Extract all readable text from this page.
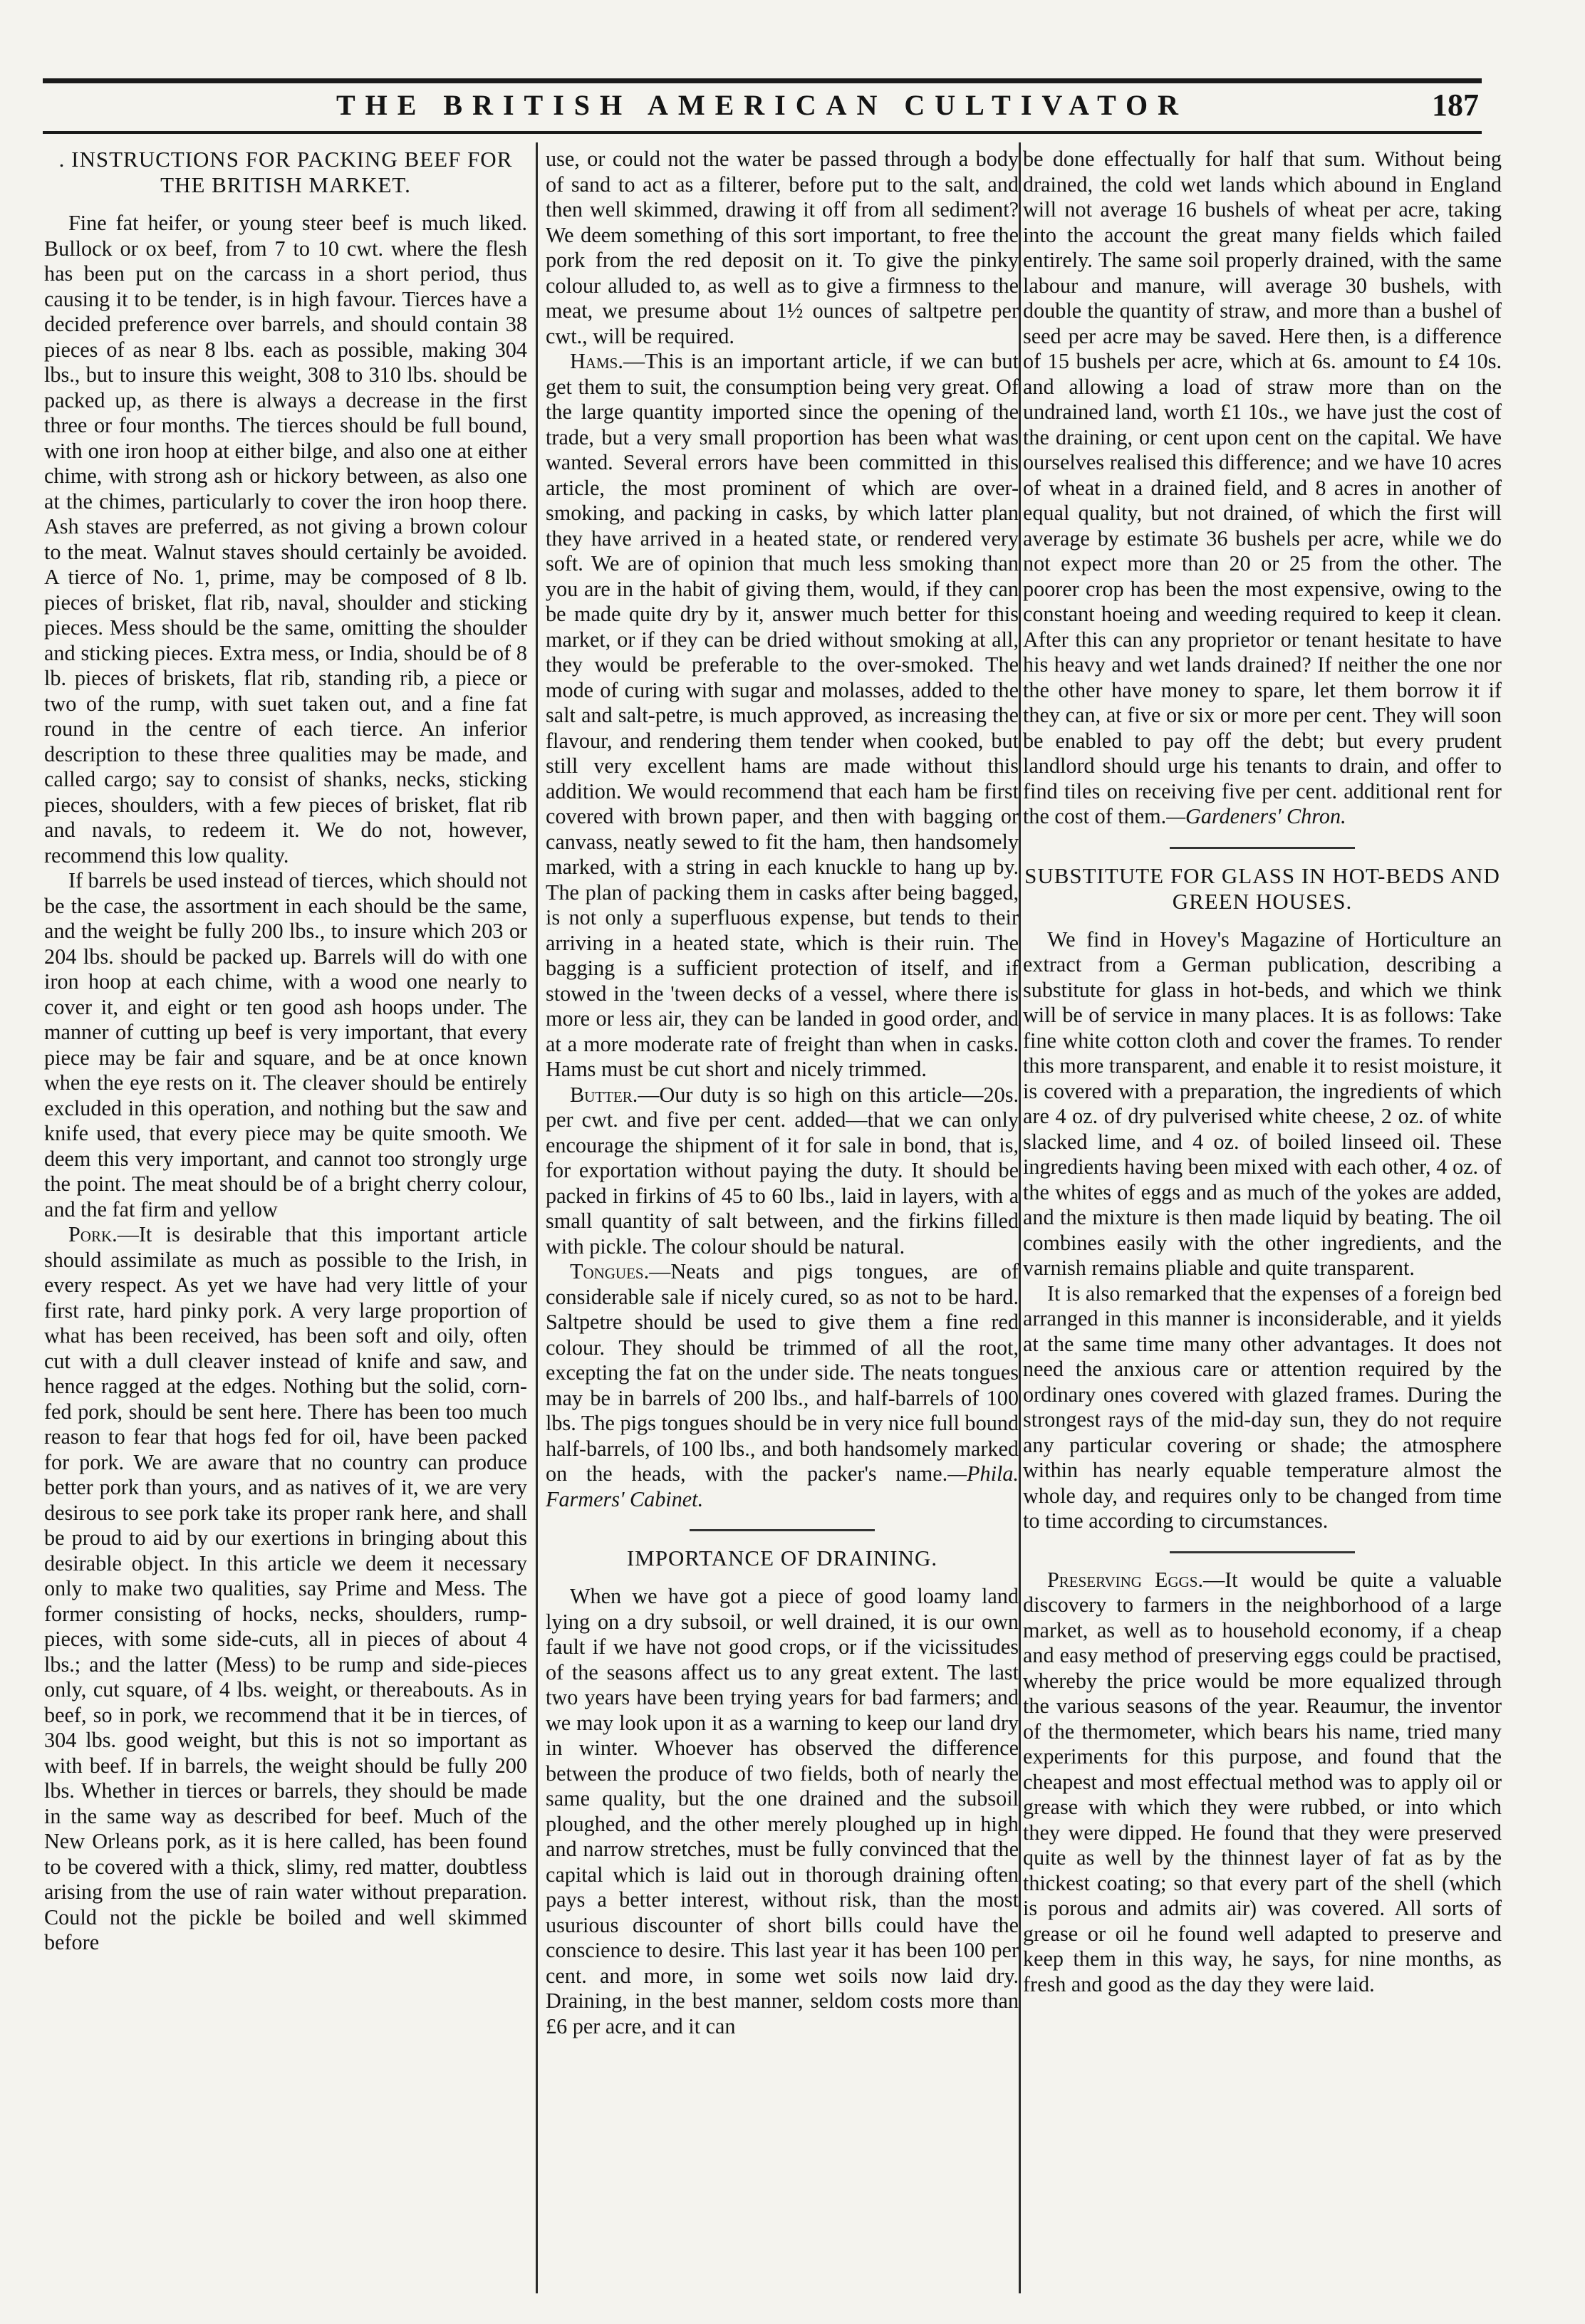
THE BRITISH AMERICAN CULTIVATOR	187
. INSTRUCTIONS FOR PACKING BEEF FOR THE BRITISH MARKET.

Fine fat heifer, or young steer beef is much liked. Bullock or ox beef, from 7 to 10 cwt. where the flesh has been put on the carcass in a short period, thus causing it to be tender, is in high favour. Tierces have a decided preference over barrels, and should contain 38 pieces of as near 8 lbs. each as possible, making 304 lbs., but to insure this weight, 308 to 310 lbs. should be packed up, as there is always a decrease in the first three or four months. The tierces should be full bound, with one iron hoop at either bilge, and also one at either chime, with strong ash or hickory between, as also one at the chimes, particularly to cover the iron hoop there. Ash staves are preferred, as not giving a brown colour to the meat. Walnut staves should certainly be avoided. A tierce of No. 1, prime, may be composed of 8 lb. pieces of brisket, flat rib, naval, shoulder and sticking pieces. Mess should be the same, omitting the shoulder and sticking pieces. Extra mess, or India, should be of 8 lb. pieces of briskets, flat rib, standing rib, a piece or two of the rump, with suet taken out, and a fine fat round in the centre of each tierce. An inferior description to these three qualities may be made, and called cargo; say to consist of shanks, necks, sticking pieces, shoulders, with a few pieces of brisket, flat rib and navals, to redeem it. We do not, however, recommend this low quality.

If barrels be used instead of tierces, which should not be the case, the assortment in each should be the same, and the weight be fully 200 lbs., to insure which 203 or 204 lbs. should be packed up. Barrels will do with one iron hoop at each chime, with a wood one nearly to cover it, and eight or ten good ash hoops under. The manner of cutting up beef is very important, that every piece may be fair and square, and be at once known when the eye rests on it. The cleaver should be entirely excluded in this operation, and nothing but the saw and knife used, that every piece may be quite smooth. We deem this very important, and cannot too strongly urge the point. The meat should be of a bright cherry colour, and the fat firm and yellow

Pork.—It is desirable that this important article should assimilate as much as possible to the Irish, in every respect. As yet we have had very little of your first rate, hard pinky pork. A very large proportion of what has been received, has been soft and oily, often cut with a dull cleaver instead of knife and saw, and hence ragged at the edges. Nothing but the solid, corn-fed pork, should be sent here. There has been too much reason to fear that hogs fed for oil, have been packed for pork. We are aware that no country can produce better pork than yours, and as natives of it, we are very desirous to see pork take its proper rank here, and shall be proud to aid by our exertions in bringing about this desirable object. In this article we deem it necessary only to make two qualities, say Prime and Mess. The former consisting of hocks, necks, shoulders, rump-pieces, with some side-cuts, all in pieces of about 4 lbs.; and the latter (Mess) to be rump and side-pieces only, cut square, of 4 lbs. weight, or thereabouts. As in beef, so in pork, we recommend that it be in tierces, of 304 lbs. good weight, but this is not so important as with beef. If in barrels, the weight should be fully 200 lbs. Whether in tierces or barrels, they should be made in the same way as described for beef. Much of the New Orleans pork, as it is here called, has been found to be covered with a thick, slimy, red matter, doubtless arising from the use of rain water without preparation. Could not the pickle be boiled and well skimmed before

use, or could not the water be passed through a body of sand to act as a filterer, before put to the salt, and then well skimmed, drawing it off from all sediment? We deem something of this sort important, to free the pork from the red deposit on it. To give the pinky colour alluded to, as well as to give a firmness to the meat, we presume about 1½ ounces of saltpetre per cwt., will be required.

Hams.—This is an important article, if we can but get them to suit, the consumption being very great. Of the large quantity imported since the opening of the trade, but a very small proportion has been what was wanted. Several errors have been committed in this article, the most prominent of which are over-smoking, and packing in casks, by which latter plan they have arrived in a heated state, or rendered very soft. We are of opinion that much less smoking than you are in the habit of giving them, would, if they can be made quite dry by it, answer much better for this market, or if they can be dried without smoking at all, they would be preferable to the over-smoked. The mode of curing with sugar and molasses, added to the salt and salt-petre, is much approved, as increasing the flavour, and rendering them tender when cooked, but still very excellent hams are made without this addition. We would recommend that each ham be first covered with brown paper, and then with bagging or canvass, neatly sewed to fit the ham, then handsomely marked, with a string in each knuckle to hang up by. The plan of packing them in casks after being bagged, is not only a superfluous expense, but tends to their arriving in a heated state, which is their ruin. The bagging is a sufficient protection of itself, and if stowed in the 'tween decks of a vessel, where there is more or less air, they can be landed in good order, and at a more moderate rate of freight than when in casks. Hams must be cut short and nicely trimmed.

Butter.—Our duty is so high on this article—20s. per cwt. and five per cent. added—that we can only encourage the shipment of it for sale in bond, that is, for exportation without paying the duty. It should be packed in firkins of 45 to 60 lbs., laid in layers, with a small quantity of salt between, and the firkins filled with pickle. The colour should be natural.

Tongues.—Neats and pigs tongues, are of considerable sale if nicely cured, so as not to be hard. Saltpetre should be used to give them a fine red colour. They should be trimmed of all the root, excepting the fat on the under side. The neats tongues may be in barrels of 200 lbs., and half-barrels of 100 lbs. The pigs tongues should be in very nice full bound half-barrels, of 100 lbs., and both handsomely marked on the heads, with the packer's name.—Phila. Farmers' Cabinet.

IMPORTANCE OF DRAINING.

When we have got a piece of good loamy land lying on a dry subsoil, or well drained, it is our own fault if we have not good crops, or if the vicissitudes of the seasons affect us to any great extent. The last two years have been trying years for bad farmers; and we may look upon it as a warning to keep our land dry in winter. Whoever has observed the difference between the produce of two fields, both of nearly the same quality, but the one drained and the subsoil ploughed, and the other merely ploughed up in high and narrow stretches, must be fully convinced that the capital which is laid out in thorough draining often pays a better interest, without risk, than the most usurious discounter of short bills could have the conscience to desire. This last year it has been 100 per cent. and more, in some wet soils now laid dry. Draining, in the best manner, seldom costs more than £6 per acre, and it can

be done effectually for half that sum. Without being drained, the cold wet lands which abound in England will not average 16 bushels of wheat per acre, taking into the account the great many fields which failed entirely. The same soil properly drained, with the same labour and manure, will average 30 bushels, with double the quantity of straw, and more than a bushel of seed per acre may be saved. Here then, is a difference of 15 bushels per acre, which at 6s. amount to £4 10s. and allowing a load of straw more than on the undrained land, worth £1 10s., we have just the cost of the draining, or cent upon cent on the capital. We have ourselves realised this difference; and we have 10 acres of wheat in a drained field, and 8 acres in another of equal quality, but not drained, of which the first will average by estimate 36 bushels per acre, while we do not expect more than 20 or 25 from the other. The poorer crop has been the most expensive, owing to the constant hoeing and weeding required to keep it clean. After this can any proprietor or tenant hesitate to have his heavy and wet lands drained? If neither the one nor the other have money to spare, let them borrow it if they can, at five or six or more per cent. They will soon be enabled to pay off the debt; but every prudent landlord should urge his tenants to drain, and offer to find tiles on receiving five per cent. additional rent for the cost of them.—Gardeners' Chron.

SUBSTITUTE FOR GLASS IN HOT-BEDS AND GREEN HOUSES.

We find in Hovey's Magazine of Horticulture an extract from a German publication, describing a substitute for glass in hot-beds, and which we think will be of service in many places. It is as follows: Take fine white cotton cloth and cover the frames. To render this more transparent, and enable it to resist moisture, it is covered with a preparation, the ingredients of which are 4 oz. of dry pulverised white cheese, 2 oz. of white slacked lime, and 4 oz. of boiled linseed oil. These ingredients having been mixed with each other, 4 oz. of the whites of eggs and as much of the yokes are added, and the mixture is then made liquid by beating. The oil combines easily with the other ingredients, and the varnish remains pliable and quite transparent.

It is also remarked that the expenses of a foreign bed arranged in this manner is inconsiderable, and it yields at the same time many other advantages. It does not need the anxious care or attention required by the ordinary ones covered with glazed frames. During the strongest rays of the mid-day sun, they do not require any particular covering or shade; the atmosphere within has nearly equable temperature almost the whole day, and requires only to be changed from time to time according to circumstances.

Preserving Eggs.—It would be quite a valuable discovery to farmers in the neighborhood of a large market, as well as to household economy, if a cheap and easy method of preserving eggs could be practised, whereby the price would be more equalized through the various seasons of the year. Reaumur, the inventor of the thermometer, which bears his name, tried many experiments for this purpose, and found that the cheapest and most effectual method was to apply oil or grease with which they were rubbed, or into which they were dipped. He found that they were preserved quite as well by the thinnest layer of fat as by the thickest coating; so that every part of the shell (which is porous and admits air) was covered. All sorts of grease or oil he found well adapted to preserve and keep them in this way, he says, for nine months, as fresh and good as the day they were laid.
